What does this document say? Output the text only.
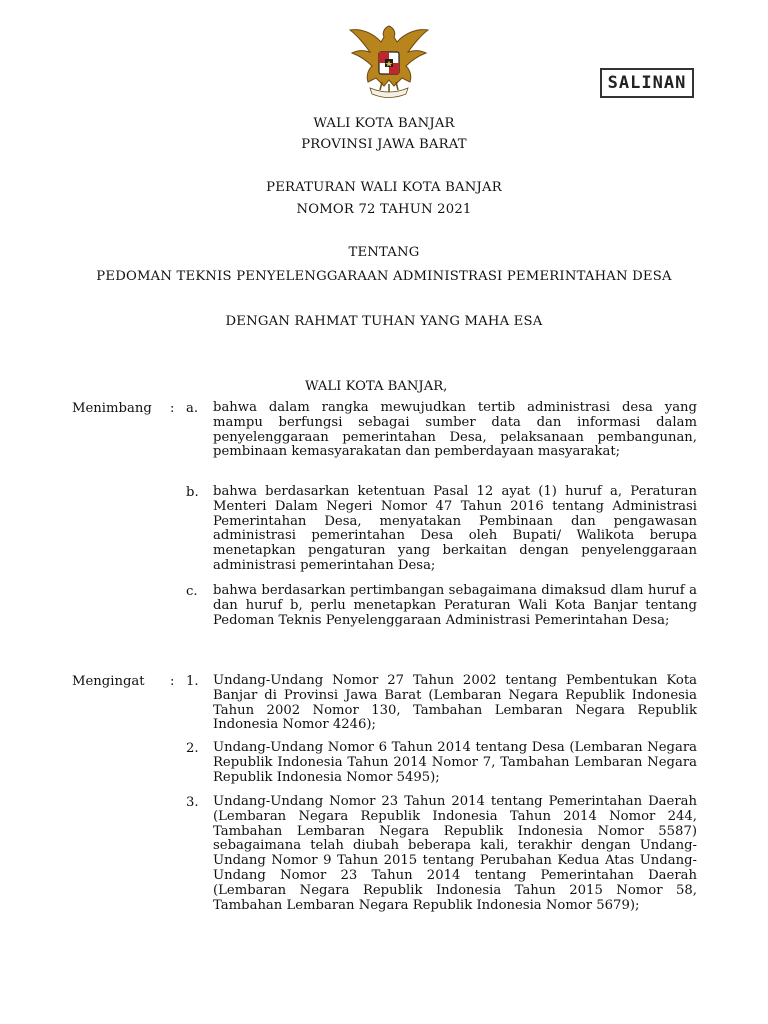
SALINAN
WALI KOTA BANJAR
PROVINSI JAWA BARAT
PERATURAN WALI KOTA BANJAR
NOMOR 72 TAHUN 2021
TENTANG
PEDOMAN TEKNIS PENYELENGGARAAN ADMINISTRASI PEMERINTAHAN DESA
DENGAN RAHMAT TUHAN YANG MAHA ESA
WALI KOTA BANJAR,
Menimbang : a. bahwa dalam rangka mewujudkan tertib administrasi desa yang mampu berfungsi sebagai sumber data dan informasi dalam penyelenggaraan pemerintahan Desa, pelaksanaan pembangunan, pembinaan kemasyarakatan dan pemberdayaan masyarakat;
b. bahwa berdasarkan ketentuan Pasal 12 ayat (1) huruf a, Peraturan Menteri Dalam Negeri Nomor 47 Tahun 2016 tentang Administrasi Pemerintahan Desa, menyatakan Pembinaan dan pengawasan administrasi pemerintahan Desa oleh Bupati/ Walikota berupa menetapkan pengaturan yang berkaitan dengan penyelenggaraan administrasi pemerintahan Desa;
c. bahwa berdasarkan pertimbangan sebagaimana dimaksud dlam huruf a dan huruf b, perlu menetapkan Peraturan Wali Kota Banjar tentang Pedoman Teknis Penyelenggaraan Administrasi Pemerintahan Desa;
Mengingat : 1. Undang-Undang Nomor 27 Tahun 2002 tentang Pembentukan Kota Banjar di Provinsi Jawa Barat (Lembaran Negara Republik Indonesia Tahun 2002 Nomor 130, Tambahan Lembaran Negara Republik Indonesia Nomor 4246);
2. Undang-Undang Nomor 6 Tahun 2014 tentang Desa (Lembaran Negara Republik Indonesia Tahun 2014 Nomor 7, Tambahan Lembaran Negara Republik Indonesia Nomor 5495);
3. Undang-Undang Nomor 23 Tahun 2014 tentang Pemerintahan Daerah (Lembaran Negara Republik Indonesia Tahun 2014 Nomor 244, Tambahan Lembaran Negara Republik Indonesia Nomor 5587) sebagaimana telah diubah beberapa kali, terakhir dengan Undang-Undang Nomor 9 Tahun 2015 tentang Perubahan Kedua Atas Undang-Undang Nomor 23 Tahun 2014 tentang Pemerintahan Daerah (Lembaran Negara Republik Indonesia Tahun 2015 Nomor 58, Tambahan Lembaran Negara Republik Indonesia Nomor 5679);
